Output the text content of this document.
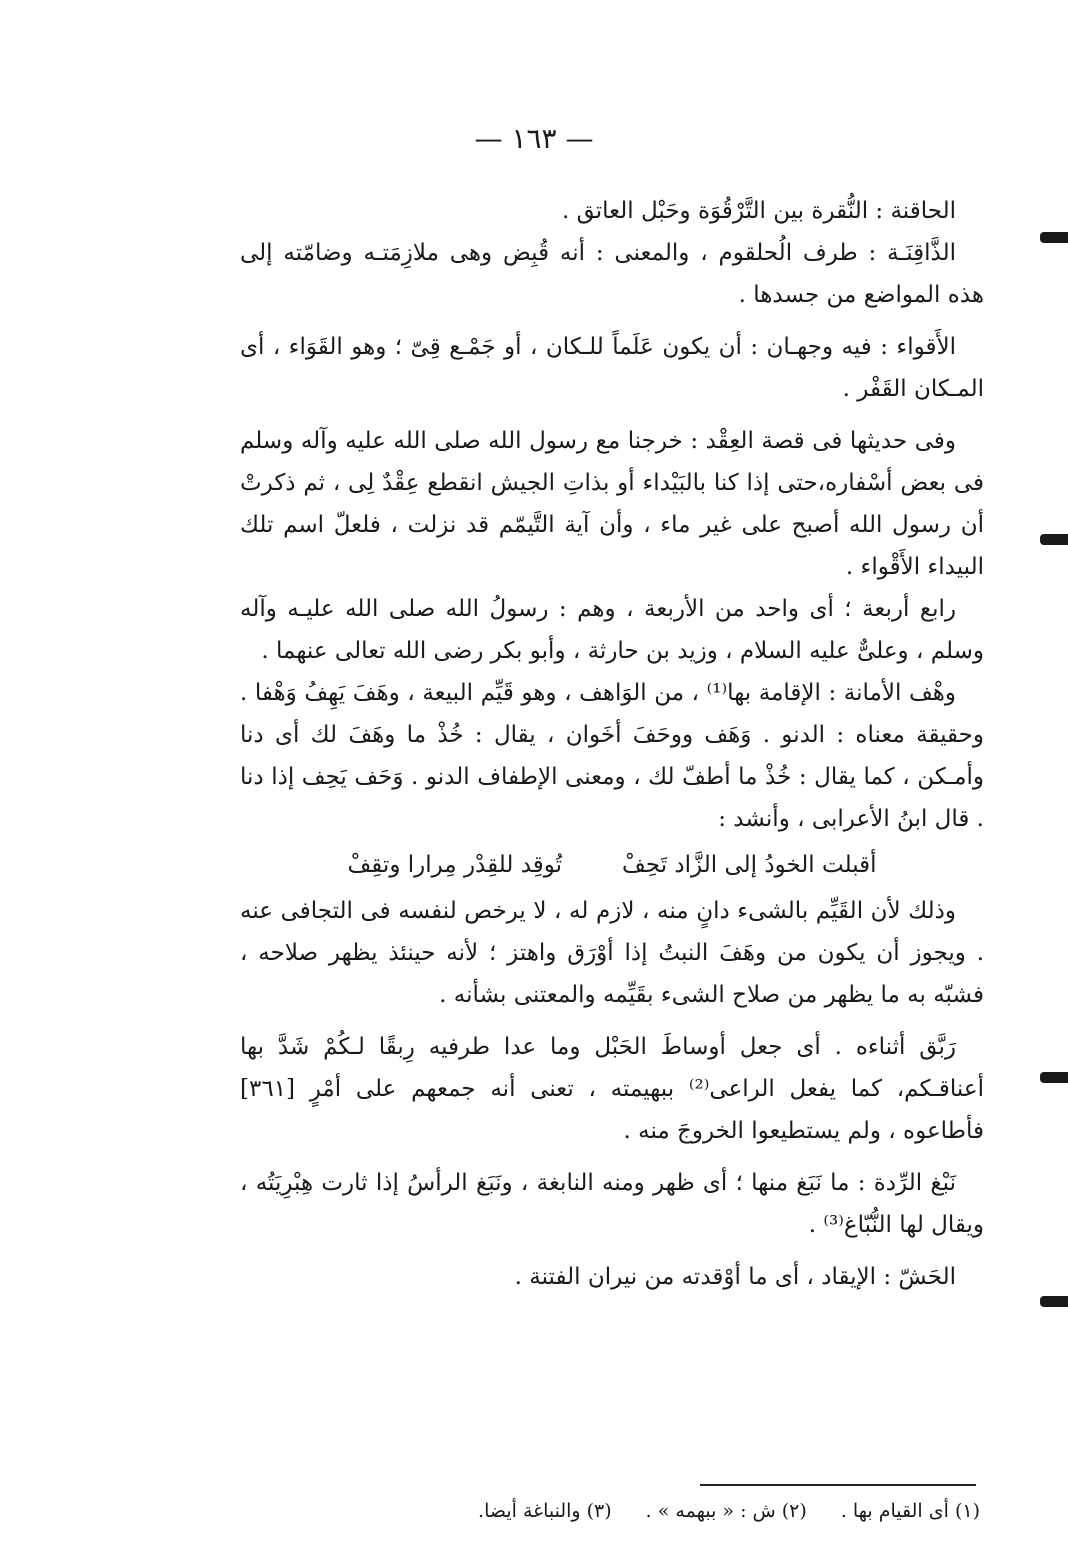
— ١٦٣ —

الحاقنة : النُّقرة بين التَّرْقُوَة وحَبْل العاتق .

الذَّاقِنَـة : طرف الُحلقوم ، والمعنى : أنه قُبِض وهى ملازِمَتـه وضامّته إلى هذه المواضع من جسدها .

الأَقواء : فيه وجهـان : أن يكون عَلَماً للـكان ، أو جَمْـع قِىّ ؛ وهو القَوَاء ، أى المـكان القَفْر .

وفى حديثها فى قصة العِقْد : خرجنا مع رسول الله صلى الله عليه وآله وسلم فى بعض أسْفاره،حتى إذا كنا بالبَيْداء أو بذاتِ الجيش انقطع عِقْدٌ لِى ، ثم ذكرتْ أن رسول الله أصبح على غير ماء ، وأن آية التَّيمّم قد نزلت ، فلعلّ اسم تلك البيداء الأَقْواء .

رابع أربعة ؛ أى واحد من الأربعة ، وهم : رسولُ الله صلى الله عليـه وآله وسلم ، وعلىٌّ عليه السلام ، وزيد بن حارثة ، وأبو بكر رضى الله تعالى عنهما .

وهْف الأمانة : الإقامة بها⁽¹⁾ ، من الوَاهف ، وهو قَيِّم البيعة ، وهَفَ يَهِفُ وَهْفا . وحقيقة معناه : الدنو . وَهَف ووحَفَ أخَوان ، يقال : خُذْ ما وهَفَ لك أى دنا وأمـكن ، كما يقال : خُذْ ما أطفّ لك ، ومعنى الإطفاف الدنو . وَحَف يَحِف إذا دنا . قال ابنُ الأعرابى ، وأنشد :

أقبلت الخودُ إلى الزَّاد تَحِفْ
تُوقِد للقِدْر مِرارا وتقِفْ

وذلك لأن القَيِّم بالشىء دانٍ منه ، لازم له ، لا يرخص لنفسه فى التجافى عنه . ويجوز أن يكون من وهَفَ النبتُ إذا أوْرَق واهتز ؛ لأنه حينئذ يظهر صلاحه ، فشبّه به ما يظهر من صلاح الشىء بقَيِّمه والمعتنى بشأنه .

رَبَّق أثناءه . أى جعل أوساطَ الحَبْل وما عدا طرفيه رِبقًا لـكُمْ شَدَّ بها أعناقـكم، كما يفعل الراعى⁽²⁾ ببهيمته ، تعنى أنه جمعهم على أمْرٍ [٣٦١] فأطاعوه ، ولم يستطيعوا الخروجَ منه .

نَبْغ الرِّدة : ما نَبَغ منها ؛ أى ظهر ومنه النابغة ، ونَبَغ الرأسُ إذا ثارت هِبْرِيَتُه ، ويقال لها النُّبّاغ⁽³⁾ .

الحَشّ : الإيقاد ، أى ما أوْقدته من نيران الفتنة .

(١) أى القيام بها .
(٢) ش : « ببهمه » .
(٣) والنباغة أيضا.
